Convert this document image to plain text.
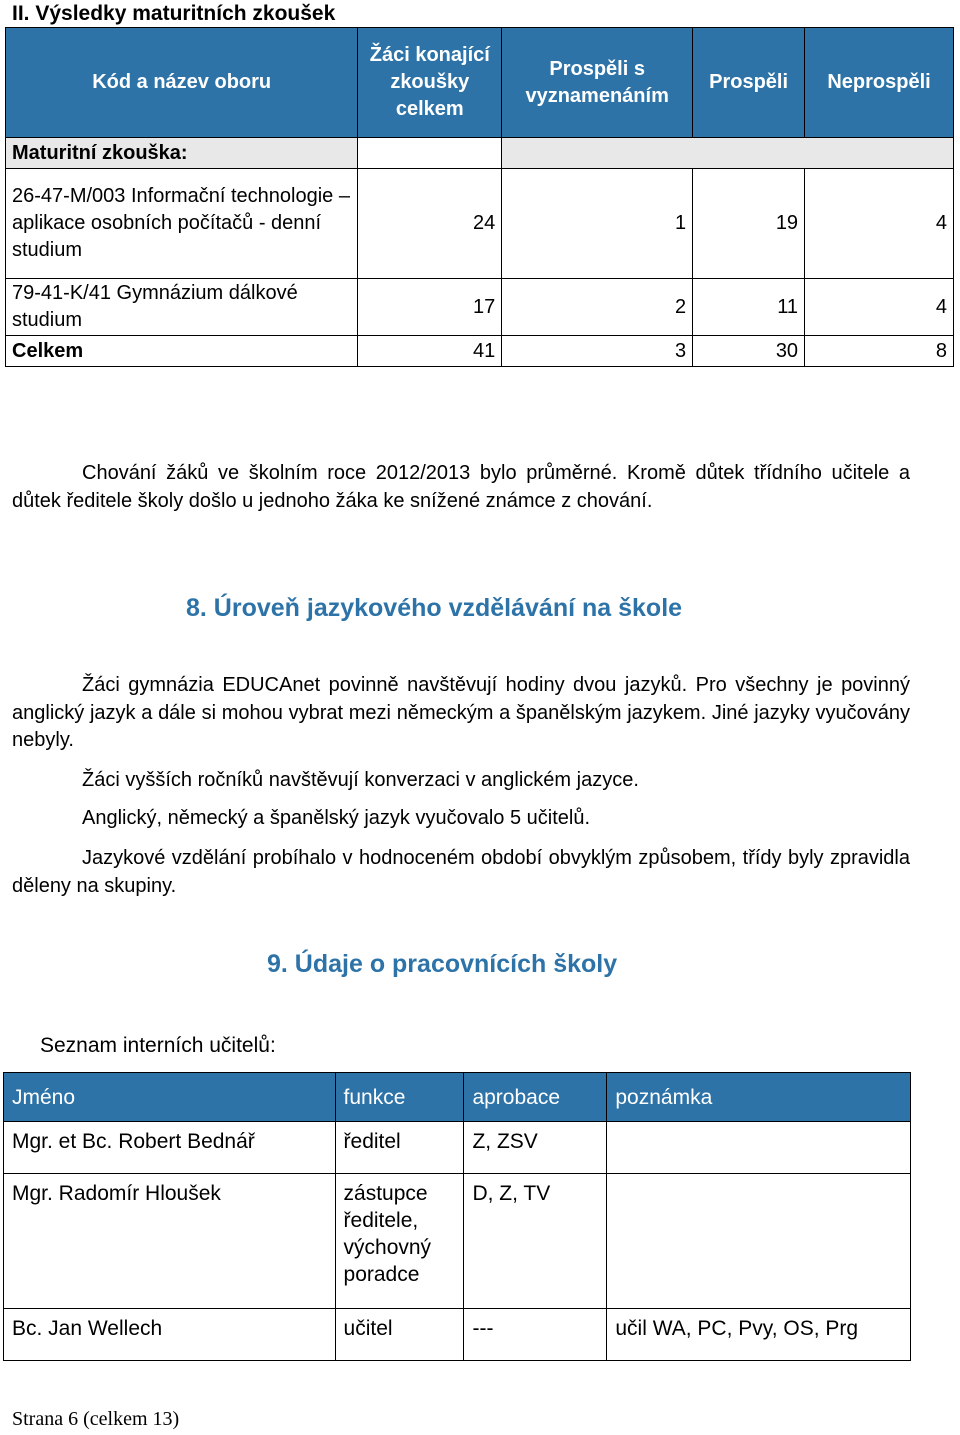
II. Výsledky maturitních zkoušek
Kód a název oboru	Žáci konající zkoušky celkem	Prospěli s vyznamenáním	Prospěli	Neprospěli
Maturitní zkouška:				
26-47-M/003 Informační technologie – aplikace osobních počítačů - denní studium	24	1	19	4
79-41-K/41 Gymnázium dálkové studium	17	2	11	4
Celkem	41	3	30	8
Chování žáků ve školním roce 2012/2013 bylo průměrné. Kromě důtek třídního učitele a důtek ředitele školy došlo u jednoho žáka ke snížené známce z chování.
8. Úroveň jazykového vzdělávání na škole
Žáci gymnázia EDUCAnet povinně navštěvují hodiny dvou jazyků. Pro všechny je povinný anglický jazyk a dále si mohou vybrat mezi německým a španělským jazykem. Jiné jazyky vyučovány nebyly.
Žáci vyšších ročníků navštěvují konverzaci v anglickém jazyce.
Anglický, německý a španělský jazyk vyučovalo 5 učitelů.
Jazykové vzdělání probíhalo v hodnoceném období obvyklým způsobem, třídy byly zpravidla děleny na skupiny.
9. Údaje o pracovnících školy
Seznam interních učitelů:
Jméno	funkce	aprobace	poznámka
Mgr. et Bc. Robert Bednář	ředitel	Z, ZSV	
Mgr. Radomír Hloušek	zástupce ředitele, výchovný poradce	D, Z, TV	
Bc. Jan Wellech	učitel	---	učil WA, PC, Pvy, OS, Prg
Strana 6 (celkem 13)
